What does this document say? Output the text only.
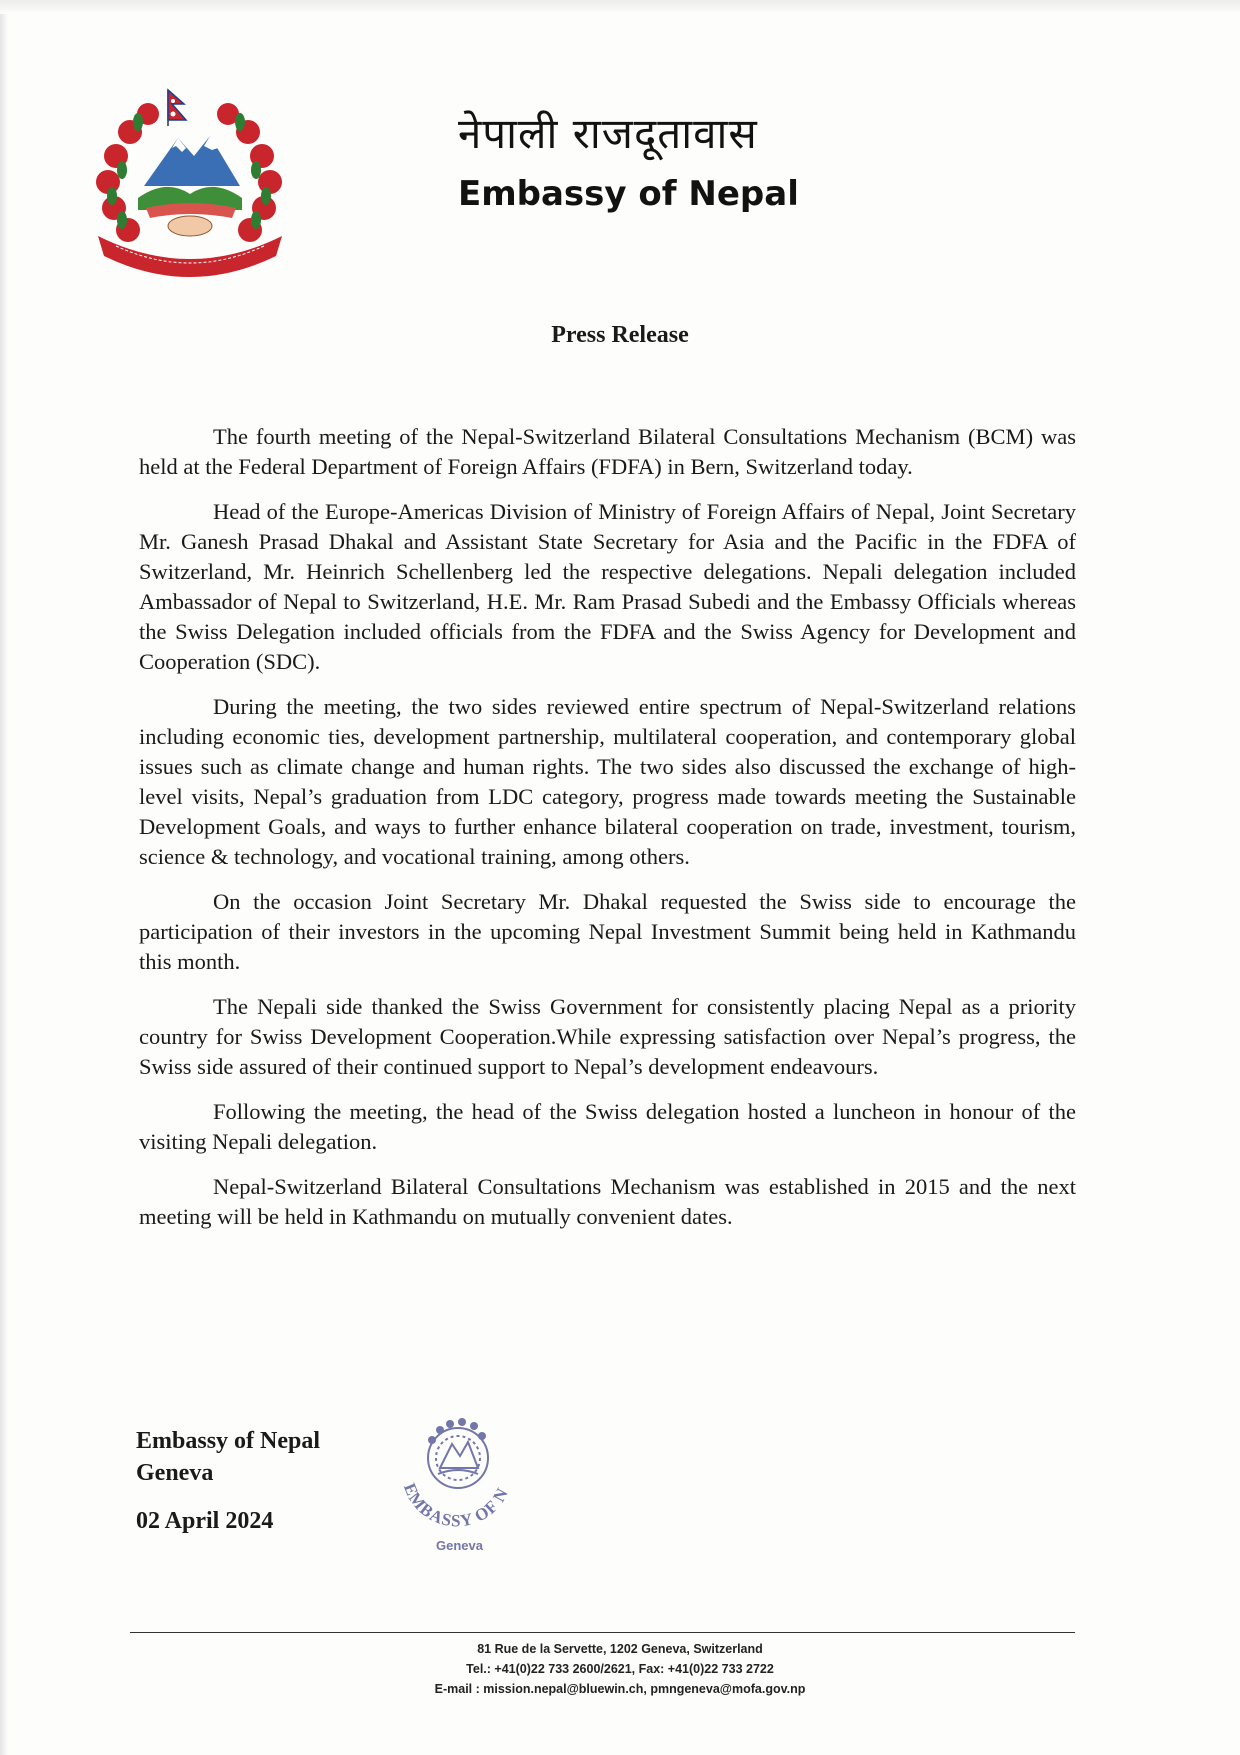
नेपाली राजदूतावास
Embassy of Nepal
Press Release

The fourth meeting of the Nepal-Switzerland Bilateral Consultations Mechanism (BCM) was held at the Federal Department of Foreign Affairs (FDFA) in Bern, Switzerland today.

Head of the Europe-Americas Division of Ministry of Foreign Affairs of Nepal, Joint Secretary Mr. Ganesh Prasad Dhakal and Assistant State Secretary for Asia and the Pacific in the FDFA of Switzerland, Mr. Heinrich Schellenberg led the respective delegations. Nepali delegation included Ambassador of Nepal to Switzerland, H.E. Mr. Ram Prasad Subedi and the Embassy Officials whereas the Swiss Delegation included officials from the FDFA and the Swiss Agency for Development and Cooperation (SDC).

During the meeting, the two sides reviewed entire spectrum of Nepal-Switzerland relations including economic ties, development partnership, multilateral cooperation, and contemporary global issues such as climate change and human rights. The two sides also discussed the exchange of high-level visits, Nepal’s graduation from LDC category, progress made towards meeting the Sustainable Development Goals, and ways to further enhance bilateral cooperation on trade, investment, tourism, science & technology, and vocational training, among others.

On the occasion Joint Secretary Mr. Dhakal requested the Swiss side to encourage the participation of their investors in the upcoming Nepal Investment Summit being held in Kathmandu this month.

The Nepali side thanked the Swiss Government for consistently placing Nepal as a priority country for Swiss Development Cooperation.While expressing satisfaction over Nepal’s progress, the Swiss side assured of their continued support to Nepal’s development endeavours.

Following the meeting, the head of the Swiss delegation hosted a luncheon in honour of the visiting Nepali delegation.

Nepal-Switzerland Bilateral Consultations Mechanism was established in 2015 and the next meeting will be held in Kathmandu on mutually convenient dates.

Embassy of Nepal
Geneva
02 April 2024
EMBASSY OF N
Geneva
81 Rue de la Servette, 1202 Geneva, Switzerland
Tel.: +41(0)22 733 2600/2621, Fax: +41(0)22 733 2722
E-mail : mission.nepal@bluewin.ch, pmngeneva@mofa.gov.np
